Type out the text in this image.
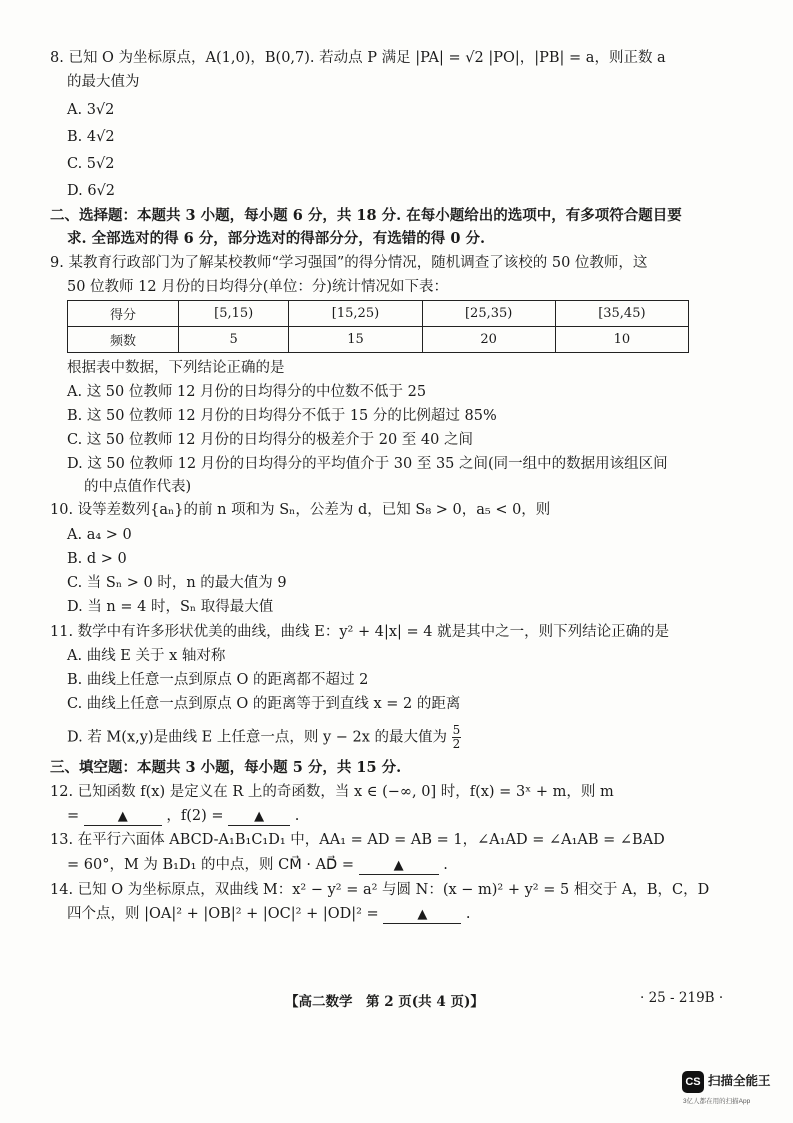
8. 已知 O 为坐标原点，A(1,0)，B(0,7). 若动点 P 满足 |PA| = √2 |PO|，|PB| = a，则正数 a
的最大值为
A. 3√2
B. 4√2
C. 5√2
D. 6√2
二、选择题：本题共 3 小题，每小题 6 分，共 18 分. 在每小题给出的选项中，有多项符合题目要
求. 全部选对的得 6 分，部分选对的得部分分，有选错的得 0 分.
9. 某教育行政部门为了解某校教师“学习强国”的得分情况，随机调查了该校的 50 位教师，这
50 位教师 12 月份的日均得分(单位：分)统计情况如下表：
得分	[5,15)	[15,25)	[25,35)	[35,45)
频数	5	15	20	10
根据表中数据，下列结论正确的是
A. 这 50 位教师 12 月份的日均得分的中位数不低于 25
B. 这 50 位教师 12 月份的日均得分不低于 15 分的比例超过 85%
C. 这 50 位教师 12 月份的日均得分的极差介于 20 至 40 之间
D. 这 50 位教师 12 月份的日均得分的平均值介于 30 至 35 之间(同一组中的数据用该组区间
的中点值作代表)
10. 设等差数列{aₙ}的前 n 项和为 Sₙ，公差为 d，已知 S₈ > 0，a₅ < 0，则
A. a₄ > 0
B. d > 0
C. 当 Sₙ > 0 时，n 的最大值为 9
D. 当 n = 4 时，Sₙ 取得最大值
11. 数学中有许多形状优美的曲线，曲线 E：y² + 4|x| = 4 就是其中之一，则下列结论正确的是
A. 曲线 E 关于 x 轴对称
B. 曲线上任意一点到原点 O 的距离都不超过 2
C. 曲线上任意一点到原点 O 的距离等于到直线 x = 2 的距离
D. 若 M(x,y)是曲线 E 上任意一点，则 y − 2x 的最大值为 $\frac{5}{2}$
三、填空题：本题共 3 小题，每小题 5 分，共 15 分.
12. 已知函数 f(x) 是定义在 R 上的奇函数，当 x ∈ (−∞, 0] 时，f(x) = 3ˣ + m，则 m
=	▲	，f(2) = ▲ .
13. 在平行六面体 ABCD-A₁B₁C₁D₁ 中，AA₁ = AD = AB = 1，∠A₁AD = ∠A₁AB = ∠BAD
= 60°，M 为 B₁D₁ 的中点，则 CM⃗ · AD⃗ =	▲	.
14. 已知 O 为坐标原点，双曲线 M：x² − y² = a² 与圆 N：(x − m)² + y² = 5 相交于 A，B，C，D
四个点，则 |OA|² + |OB|² + |OC|² + |OD|² =	▲	.
【高二数学　第 2 页(共 4 页)】	· 25 - 219B ·
CS 扫描全能王
3亿人都在用的扫描App
